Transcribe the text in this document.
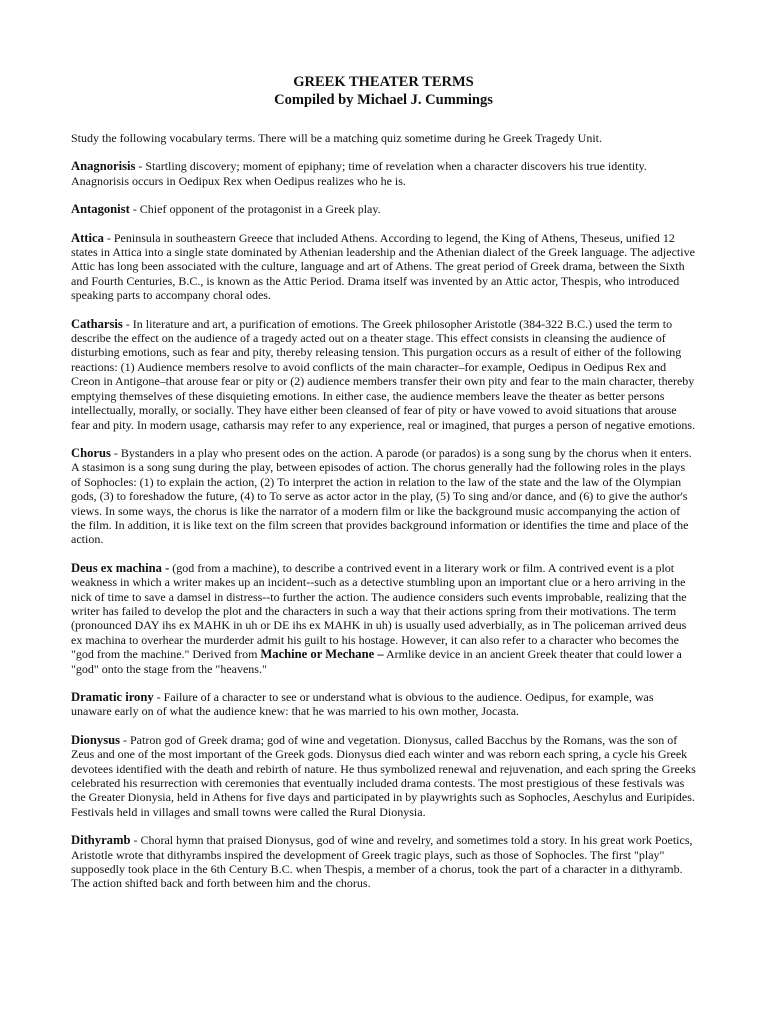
GREEK THEATER TERMS
Compiled by Michael J. Cummings

Study the following vocabulary terms. There will be a matching quiz sometime during he Greek Tragedy Unit.

Anagnorisis - Startling discovery; moment of epiphany; time of revelation when a character discovers his true identity. Anagnorisis occurs in Oedipux Rex when Oedipus realizes who he is.

Antagonist - Chief opponent of the protagonist in a Greek play.

Attica - Peninsula in southeastern Greece that included Athens. According to legend, the King of Athens, Theseus, unified 12 states in Attica into a single state dominated by Athenian leadership and the Athenian dialect of the Greek language. The adjective Attic has long been associated with the culture, language and art of Athens. The great period of Greek drama, between the Sixth and Fourth Centuries, B.C., is known as the Attic Period. Drama itself was invented by an Attic actor, Thespis, who introduced speaking parts to accompany choral odes.

Catharsis - In literature and art, a purification of emotions. The Greek philosopher Aristotle (384-322 B.C.) used the term to describe the effect on the audience of a tragedy acted out on a theater stage. This effect consists in cleansing the audience of disturbing emotions, such as fear and pity, thereby releasing tension. This purgation occurs as a result of either of the following reactions: (1) Audience members resolve to avoid conflicts of the main character–for example, Oedipus in Oedipus Rex and Creon in Antigone–that arouse fear or pity or (2) audience members transfer their own pity and fear to the main character, thereby emptying themselves of these disquieting emotions. In either case, the audience members leave the theater as better persons intellectually, morally, or socially. They have either been cleansed of fear of pity or have vowed to avoid situations that arouse fear and pity. In modern usage, catharsis may refer to any experience, real or imagined, that purges a person of negative emotions.

Chorus - Bystanders in a play who present odes on the action. A parode (or parados) is a song sung by the chorus when it enters. A stasimon is a song sung during the play, between episodes of action. The chorus generally had the following roles in the plays of Sophocles: (1) to explain the action, (2) To interpret the action in relation to the law of the state and the law of the Olympian gods, (3) to foreshadow the future, (4) to To serve as actor actor in the play, (5) To sing and/or dance, and (6) to give the author's views. In some ways, the chorus is like the narrator of a modern film or like the background music accompanying the action of the film. In addition, it is like text on the film screen that provides background information or identifies the time and place of the action.

Deus ex machina - (god from a machine), to describe a contrived event in a literary work or film. A contrived event is a plot weakness in which a writer makes up an incident--such as a detective stumbling upon an important clue or a hero arriving in the nick of time to save a damsel in distress--to further the action. The audience considers such events improbable, realizing that the writer has failed to develop the plot and the characters in such a way that their actions spring from their motivations. The term (pronounced DAY ihs ex MAHK in uh or DE ihs ex MAHK in uh) is usually used adverbially, as in The policeman arrived deus ex machina to overhear the murderder admit his guilt to his hostage. However, it can also refer to a character who becomes the "god from the machine." Derived from Machine or Mechane – Armlike device in an ancient Greek theater that could lower a "god" onto the stage from the "heavens."

Dramatic irony - Failure of a character to see or understand what is obvious to the audience. Oedipus, for example, was unaware early on of what the audience knew: that he was married to his own mother, Jocasta.

Dionysus - Patron god of Greek drama; god of wine and vegetation. Dionysus, called Bacchus by the Romans, was the son of Zeus and one of the most important of the Greek gods. Dionysus died each winter and was reborn each spring, a cycle his Greek devotees identified with the death and rebirth of nature. He thus symbolized renewal and rejuvenation, and each spring the Greeks celebrated his resurrection with ceremonies that eventually included drama contests. The most prestigious of these festivals was the Greater Dionysia, held in Athens for five days and participated in by playwrights such as Sophocles, Aeschylus and Euripides. Festivals held in villages and small towns were called the Rural Dionysia.

Dithyramb - Choral hymn that praised Dionysus, god of wine and revelry, and sometimes told a story. In his great work Poetics, Aristotle wrote that dithyrambs inspired the development of Greek tragic plays, such as those of Sophocles. The first "play" supposedly took place in the 6th Century B.C. when Thespis, a member of a chorus, took the part of a character in a dithyramb. The action shifted back and forth between him and the chorus.
